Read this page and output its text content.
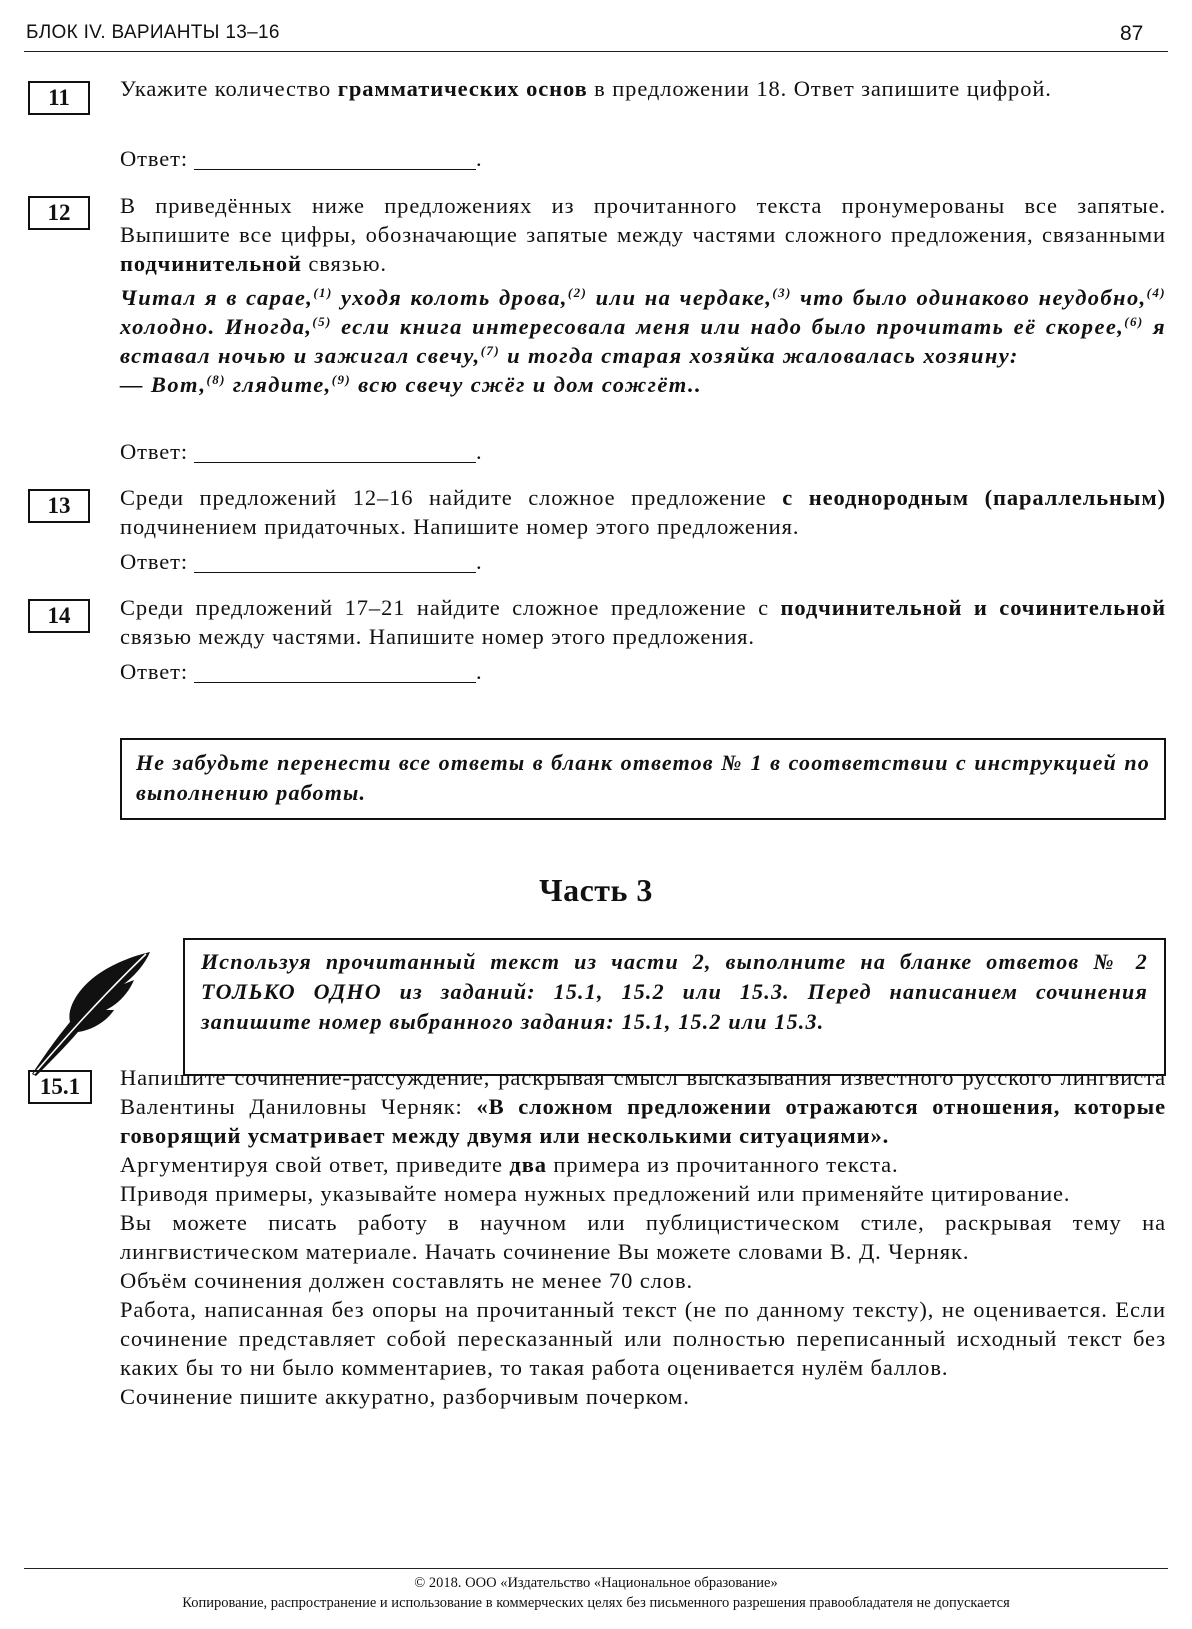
БЛОК IV. ВАРИАНТЫ 13–16	87
11	Укажите количество грамматических основ в предложении 18. Ответ запишите цифрой.

Ответ:	.
12	В приведённых ниже предложениях из прочитанного текста пронумерованы все запятые. Выпишите все цифры, обозначающие запятые между частями сложного предложения, связанными подчинительной связью.

Читал я в сарае,$^{(1)}$ уходя колоть дрова,$^{(2)}$ или на чердаке,$^{(3)}$ что было одинаково неудобно,$^{(4)}$ холодно. Иногда,$^{(5)}$ если книга интересовала меня или надо было прочитать её скорее,$^{(6)}$ я вставал ночью и зажигал свечу,$^{(7)}$ и тогда старая хозяйка жаловалась хозяину:

— Вот,$^{(8)}$ глядите,$^{(9)}$ всю свечу сжёг и дом сожгёт..

Ответ:	.
13	Среди предложений 12–16 найдите сложное предложение с неоднородным (параллельным) подчинением придаточных. Напишите номер этого предложения.

Ответ:	.
14	Среди предложений 17–21 найдите сложное предложение с подчинительной и сочинительной связью между частями. Напишите номер этого предложения.

Ответ:	.
Не забудьте перенести все ответы в бланк ответов № 1 в соответствии с инструкцией по выполнению работы.
Часть 3
Используя прочитанный текст из части 2, выполните на бланке ответов № 2 ТОЛЬКО ОДНО из заданий: 15.1, 15.2 или 15.3. Перед написанием сочинения запишите номер выбранного задания: 15.1, 15.2 или 15.3.
15.1	Напишите сочинение-рассуждение, раскрывая смысл высказывания известного русского лингвиста Валентины Даниловны Черняк: «В сложном предложении отражаются отношения, которые говорящий усматривает между двумя или несколькими ситуациями».

Аргументируя свой ответ, приведите два примера из прочитанного текста.

Приводя примеры, указывайте номера нужных предложений или применяйте цитирование.

Вы можете писать работу в научном или публицистическом стиле, раскрывая тему на лингвистическом материале. Начать сочинение Вы можете словами В. Д. Черняк.

Объём сочинения должен составлять не менее 70 слов.

Работа, написанная без опоры на прочитанный текст (не по данному тексту), не оценивается. Если сочинение представляет собой пересказанный или полностью переписанный исходный текст без каких бы то ни было комментариев, то такая работа оценивается нулём баллов.

Сочинение пишите аккуратно, разборчивым почерком.

© 2018. ООО «Издательство «Национальное образование»
Копирование, распространение и использование в коммерческих целях без письменного разрешения правообладателя не допускается
